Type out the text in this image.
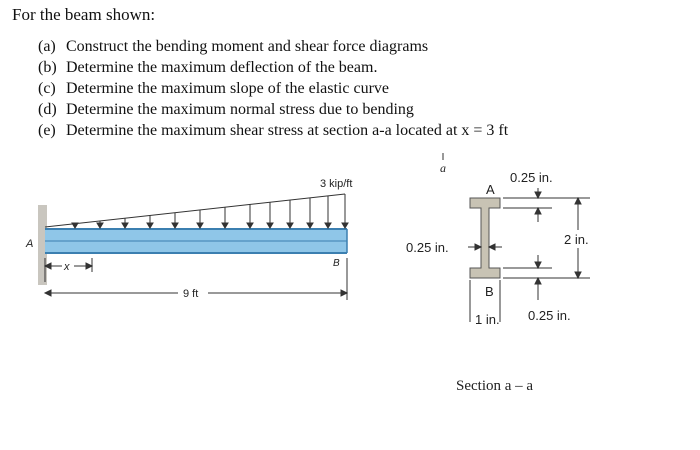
For the beam shown:
(a) Construct the bending moment and shear force diagrams
(b) Determine the maximum deflection of the beam.
(c) Determine the maximum slope of the elastic curve
(d) Determine the maximum normal stress due to bending
(e) Determine the maximum shear stress at section a-a located at x = 3 ft
3 kip/ft
A
B
x
9 ft
a
0.25 in.
A
2 in.
0.25 in.
B
1 in. 0.25 in.
Section a – a
